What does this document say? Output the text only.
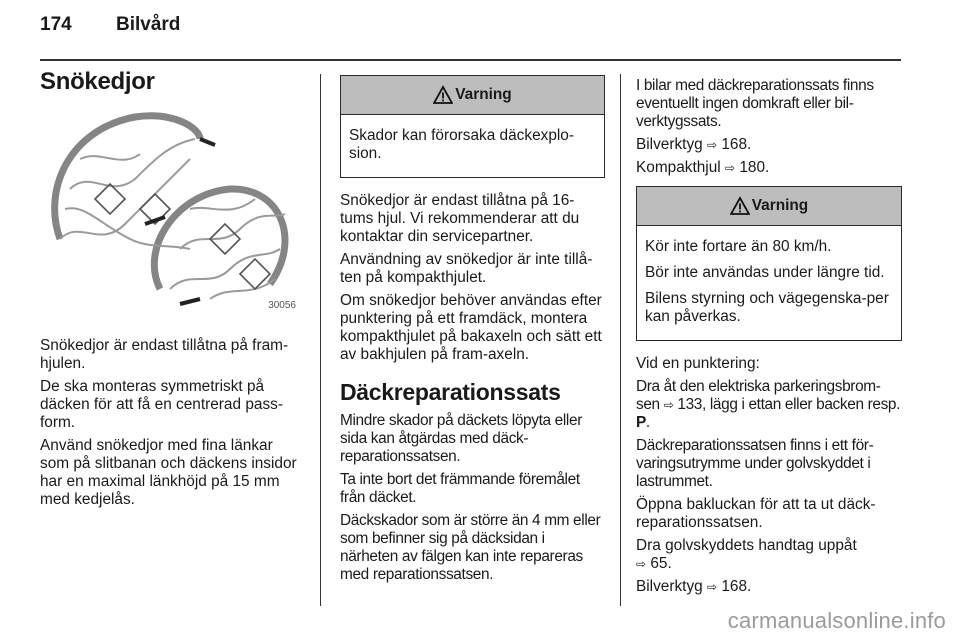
174 Bilvård
Snökedjor
30056

Snökedjor är endast tillåtna på fram-hjulen.

De ska monteras symmetriskt på däcken för att få en centrerad pass-form.

Använd snökedjor med fina länkar som på slitbanan och däckens insidor har en maximal länkhöjd på 15 mm med kedjelås.

Varning

Skador kan förorsaka däckexplo-sion.

Snökedjor är endast tillåtna på 16-tums hjul. Vi rekommenderar att du kontaktar din servicepartner.

Användning av snökedjor är inte tillå-ten på kompakthjulet.

Om snökedjor behöver användas efter punktering på ett framdäck, montera kompakthjulet på bakaxeln och sätt ett av bakhjulen på fram-axeln.

Däckreparationssats

Mindre skador på däckets löpyta eller sida kan åtgärdas med däck-reparationssatsen.

Ta inte bort det främmande föremålet från däcket.

Däckskador som är större än 4 mm eller som befinner sig på däcksidan i närheten av fälgen kan inte repareras med reparationssatsen.

I bilar med däckreparationssats finns eventuellt ingen domkraft eller bil-verktygssats.

Bilverktyg ⇨ 168.

Kompakthjul ⇨ 180.

Varning

Kör inte fortare än 80 km/h.

Bör inte användas under längre tid.

Bilens styrning och vägegenska-per kan påverkas.

Vid en punktering:

Dra åt den elektriska parkeringsbrom-sen ⇨ 133, lägg i ettan eller backen resp. P.

Däckreparationssatsen finns i ett för-varingsutrymme under golvskyddet i lastrummet.

Öppna bakluckan för att ta ut däck-reparationssatsen.

Dra golvskyddets handtag uppåt
⇨ 65.

Bilverktyg ⇨ 168.

carmanualsonline.info
